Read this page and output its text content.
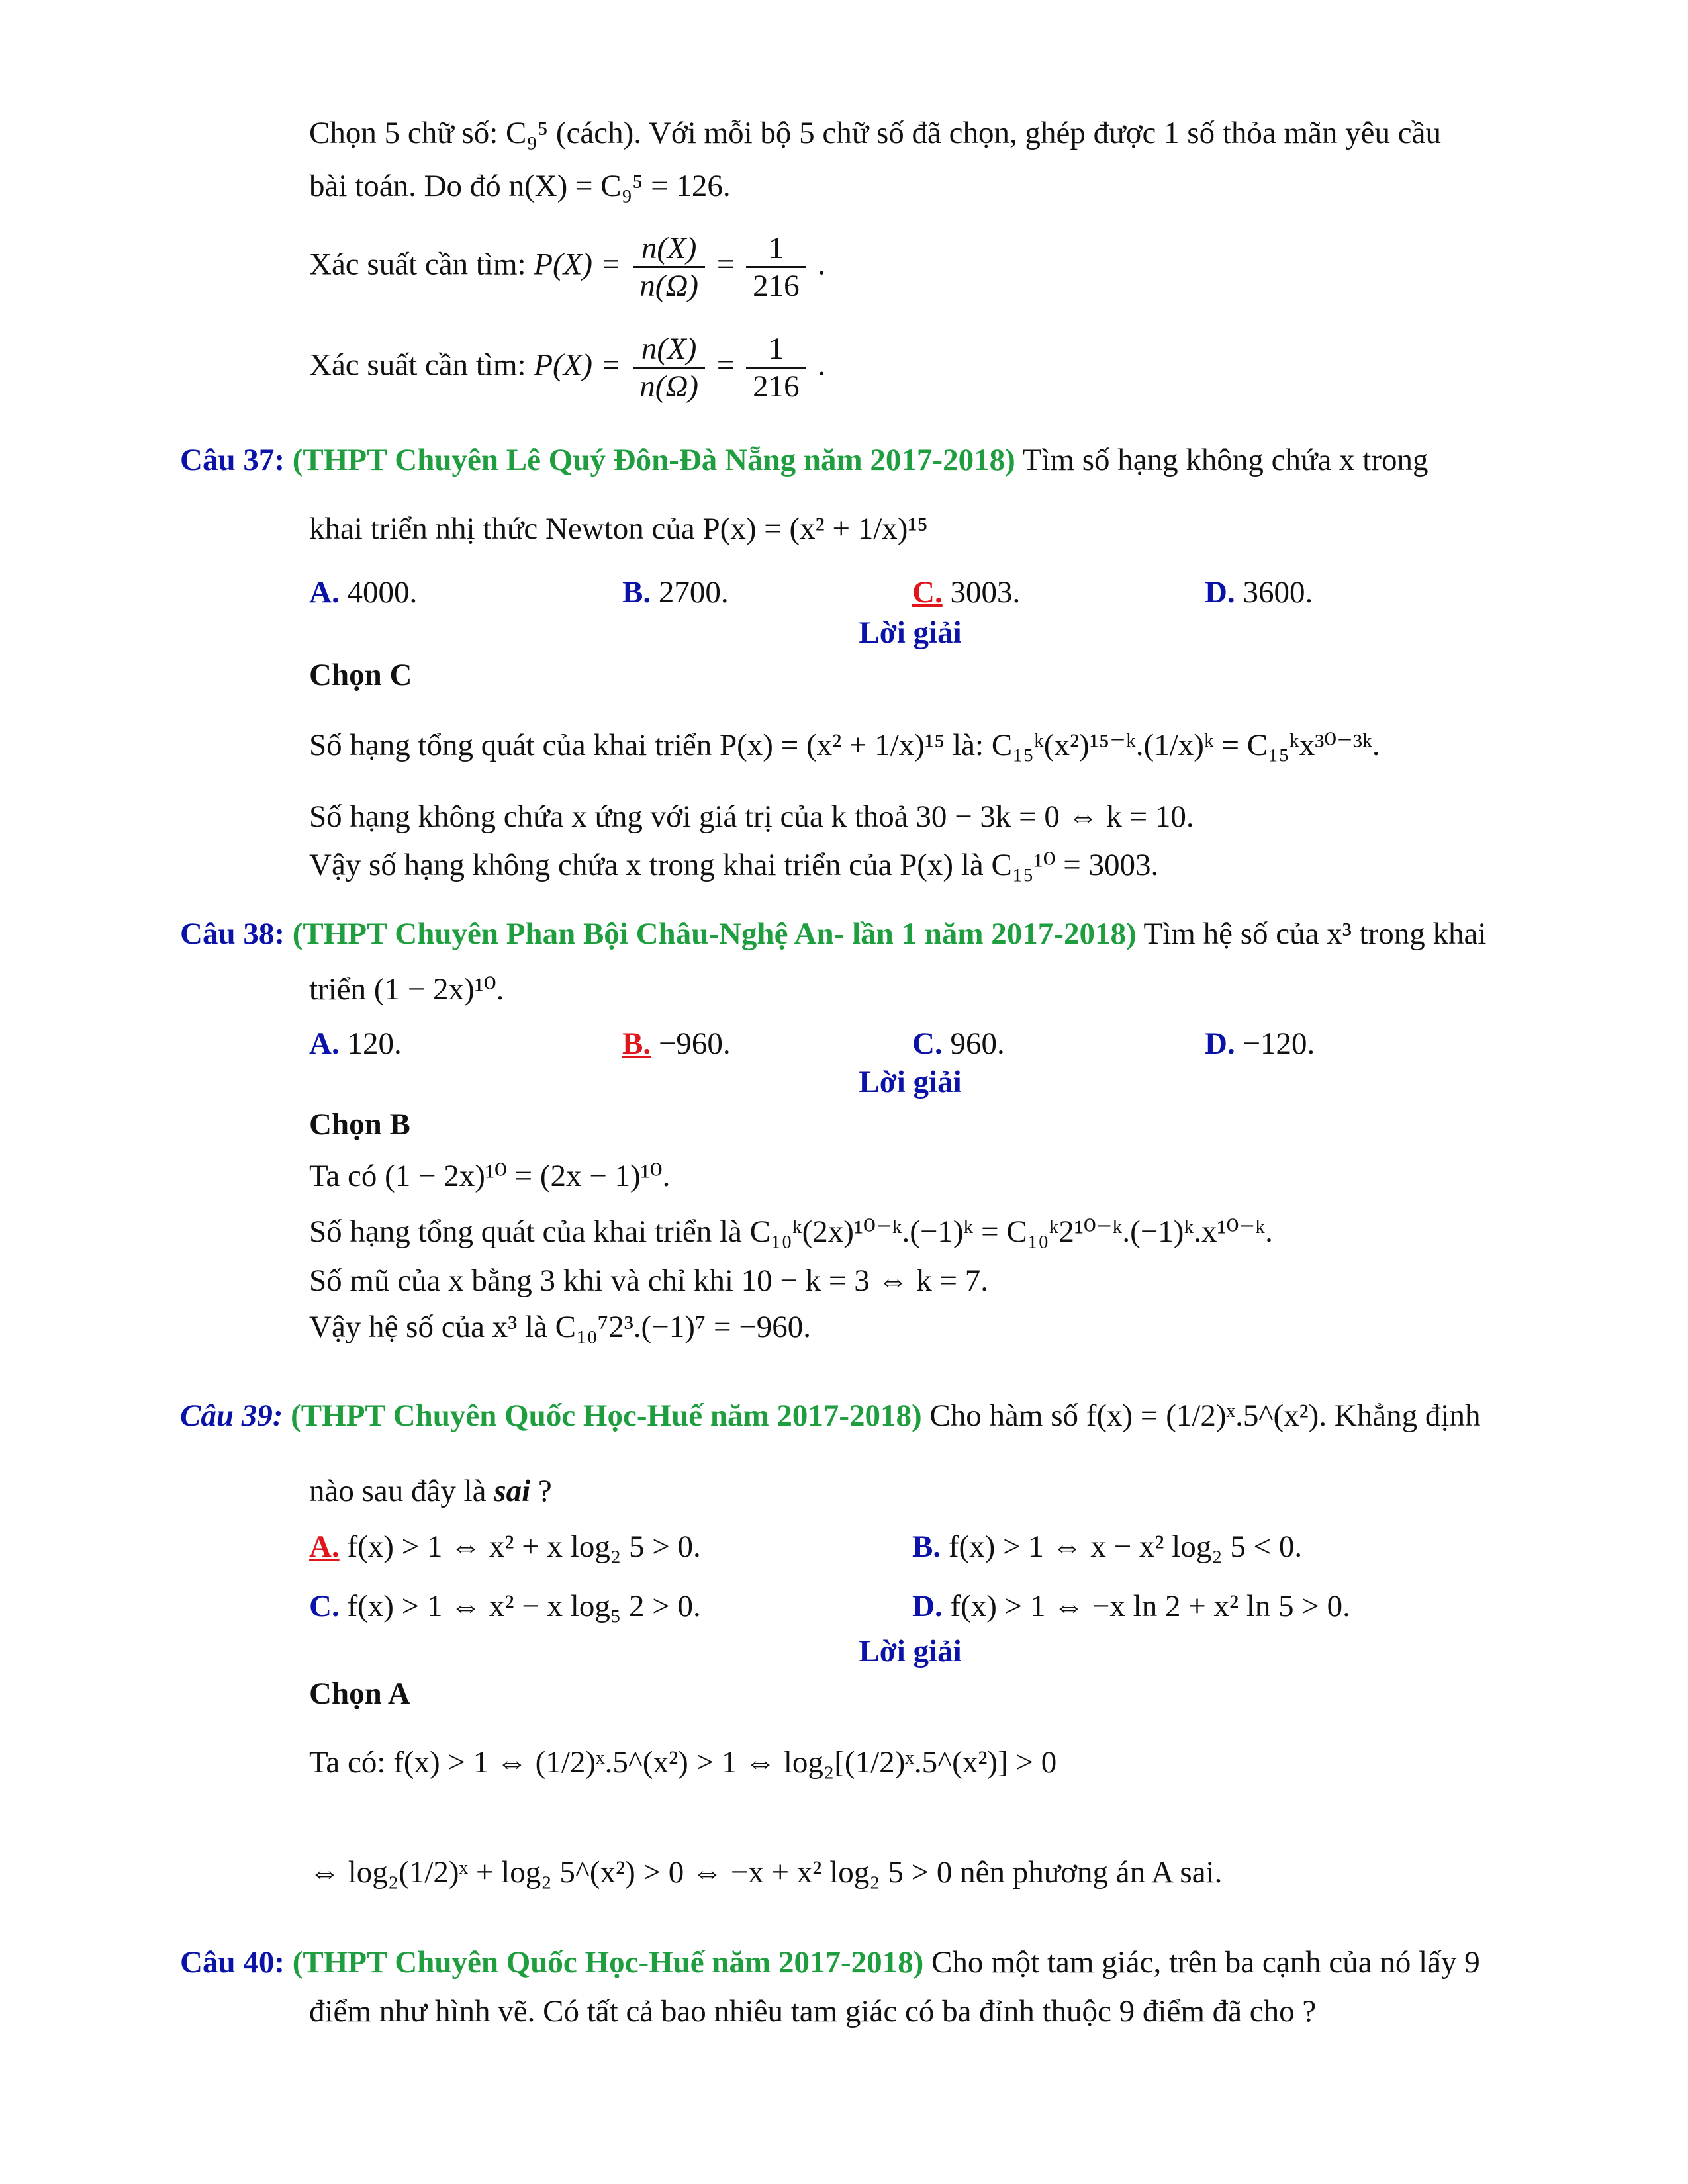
Chọn 5 chữ số: C₉⁵ (cách). Với mỗi bộ 5 chữ số đã chọn, ghép được 1 số thỏa mãn yêu cầu
bài toán. Do đó n(X) = C₉⁵ = 126.
Xác suất cần tìm: $P(X) = \frac{n(X)}{n(\Omega)} = \frac{1}{216}$ .
Xác suất cần tìm: $P(X) = \frac{n(X)}{n(\Omega)} = \frac{1}{216}$ .
Câu 37: (THPT Chuyên Lê Quý Đôn-Đà Nẵng năm 2017-2018) Tìm số hạng không chứa x trong
khai triển nhị thức Newton của P(x) = (x² + 1/x)¹⁵
A. 4000.	B. 2700.	C. 3003.	D. 3600.
Lời giải
Chọn C
Số hạng tổng quát của khai triển P(x) = (x² + 1/x)¹⁵ là: C₁₅ᵏ(x²)¹⁵⁻ᵏ.(1/x)ᵏ = C₁₅ᵏx³⁰⁻³ᵏ.
Số hạng không chứa x ứng với giá trị của k thoả 30 − 3k = 0 ⇔ k = 10.
Vậy số hạng không chứa x trong khai triển của P(x) là C₁₅¹⁰ = 3003.
Câu 38: (THPT Chuyên Phan Bội Châu-Nghệ An- lần 1 năm 2017-2018) Tìm hệ số của x³ trong khai
triển (1 − 2x)¹⁰.
A. 120.	B. −960.	C. 960.	D. −120.
Lời giải
Chọn B
Ta có (1 − 2x)¹⁰ = (2x − 1)¹⁰.
Số hạng tổng quát của khai triển là C₁₀ᵏ(2x)¹⁰⁻ᵏ.(−1)ᵏ = C₁₀ᵏ2¹⁰⁻ᵏ.(−1)ᵏ.x¹⁰⁻ᵏ.
Số mũ của x bằng 3 khi và chỉ khi 10 − k = 3 ⇔ k = 7.
Vậy hệ số của x³ là C₁₀⁷2³.(−1)⁷ = −960.
Câu 39: (THPT Chuyên Quốc Học-Huế năm 2017-2018) Cho hàm số f(x) = (1/2)ˣ.5^(x²). Khẳng định
nào sau đây là sai ?
A. f(x) > 1 ⇔ x² + x log₂ 5 > 0.	B. f(x) > 1 ⇔ x − x² log₂ 5 < 0.
C. f(x) > 1 ⇔ x² − x log₅ 2 > 0.	D. f(x) > 1 ⇔ −x ln 2 + x² ln 5 > 0.
Lời giải
Chọn A
Ta có: f(x) > 1 ⇔ (1/2)ˣ.5^(x²) > 1 ⇔ log₂[(1/2)ˣ.5^(x²)] > 0
⇔ log₂(1/2)ˣ + log₂ 5^(x²) > 0 ⇔ −x + x² log₂ 5 > 0 nên phương án A sai.
Câu 40: (THPT Chuyên Quốc Học-Huế năm 2017-2018) Cho một tam giác, trên ba cạnh của nó lấy 9
điểm như hình vẽ. Có tất cả bao nhiêu tam giác có ba đỉnh thuộc 9 điểm đã cho ?
